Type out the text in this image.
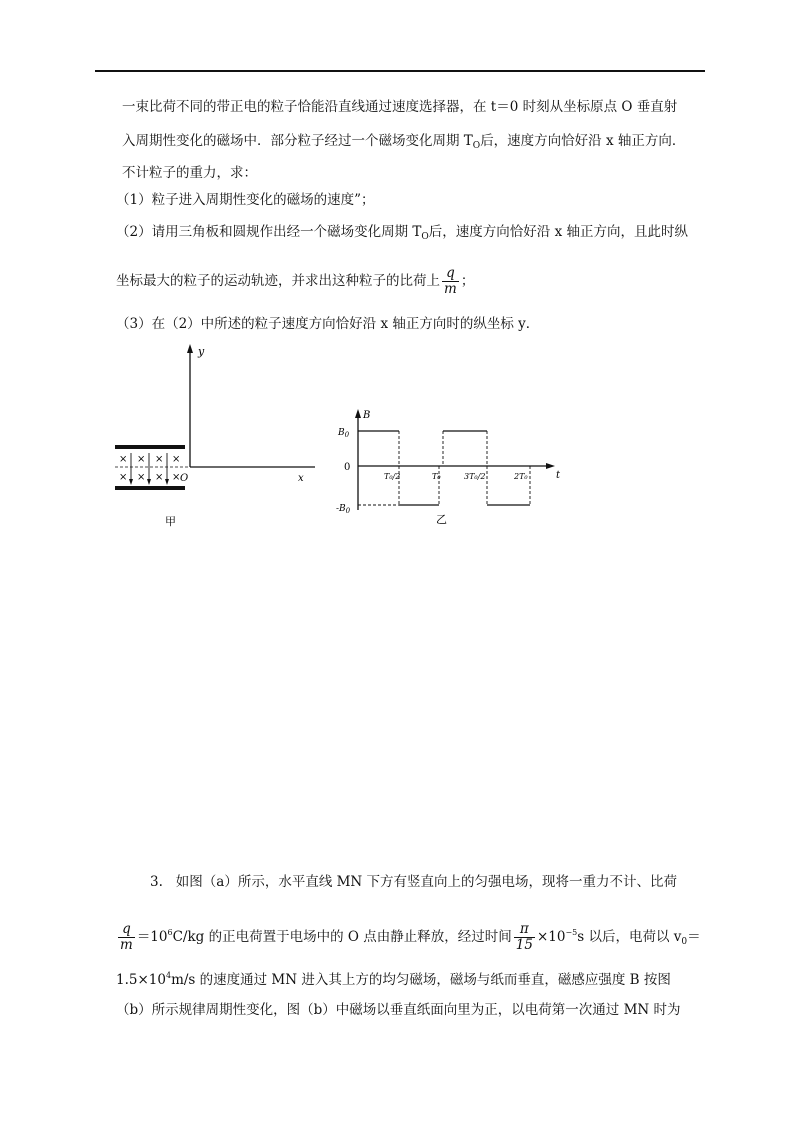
一束比荷不同的带正电的粒子恰能沿直线通过速度选择器，在 t＝0 时刻从坐标原点 O 垂直射
入周期性变化的磁场中．部分粒子经过一个磁场变化周期 $T_O$后，速度方向恰好沿 x 轴正方向．
不计粒子的重力，求：
（1）粒子进入周期性变化的磁场的速度”；
（2）请用三角板和圆规作出经一个磁场变化周期 $T_O$后，速度方向恰好沿 x 轴正方向，且此时纵
坐标最大的粒子的运动轨迹，并求出这种粒子的比荷上 $\frac{q}{m}$ ；
（3）在（2）中所述的粒子速度方向恰好沿 x 轴正方向时的纵坐标 y．
y
x
× × × ×
× × × × O
甲
B
t
0
$B_0$
$-B_0$
T₀/2	T₀	3T₀/2	2T₀
乙
3. 如图（a）所示，水平直线 MN 下方有竖直向上的匀强电场，现将一重力不计、比荷
$\frac{q}{m} =10^6C/kg$ 的正电荷置于电场中的 O 点由静止释放，经过时间 $\frac{\pi}{15} \times 10^{-5}s$ 以后，电荷以 $v_0=$
$1.5\times 10^4m/s$ 的速度通过 MN 进入其上方的均匀磁场，磁场与纸而垂直，磁感应强度 B 按图
（b）所示规律周期性变化，图（b）中磁场以垂直纸面向里为正，以电荷第一次通过 MN 时为
